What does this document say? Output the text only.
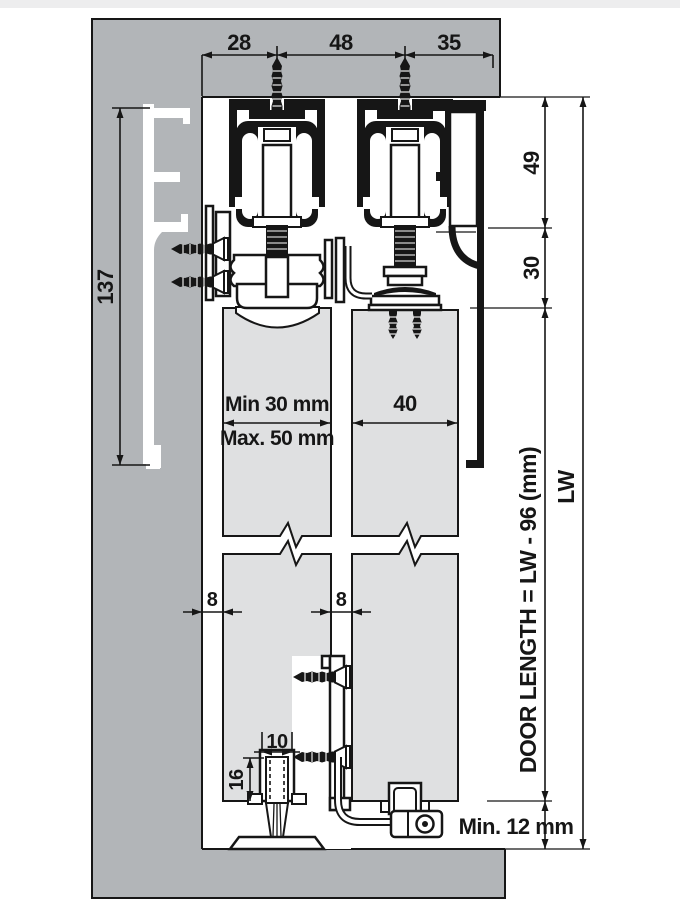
28	48	35
49
30
137
Min 30 mm
Max. 50 mm
40
8	8
10
16
DOOR LENGTH = LW - 96 (mm) LW
Min. 12 mm
